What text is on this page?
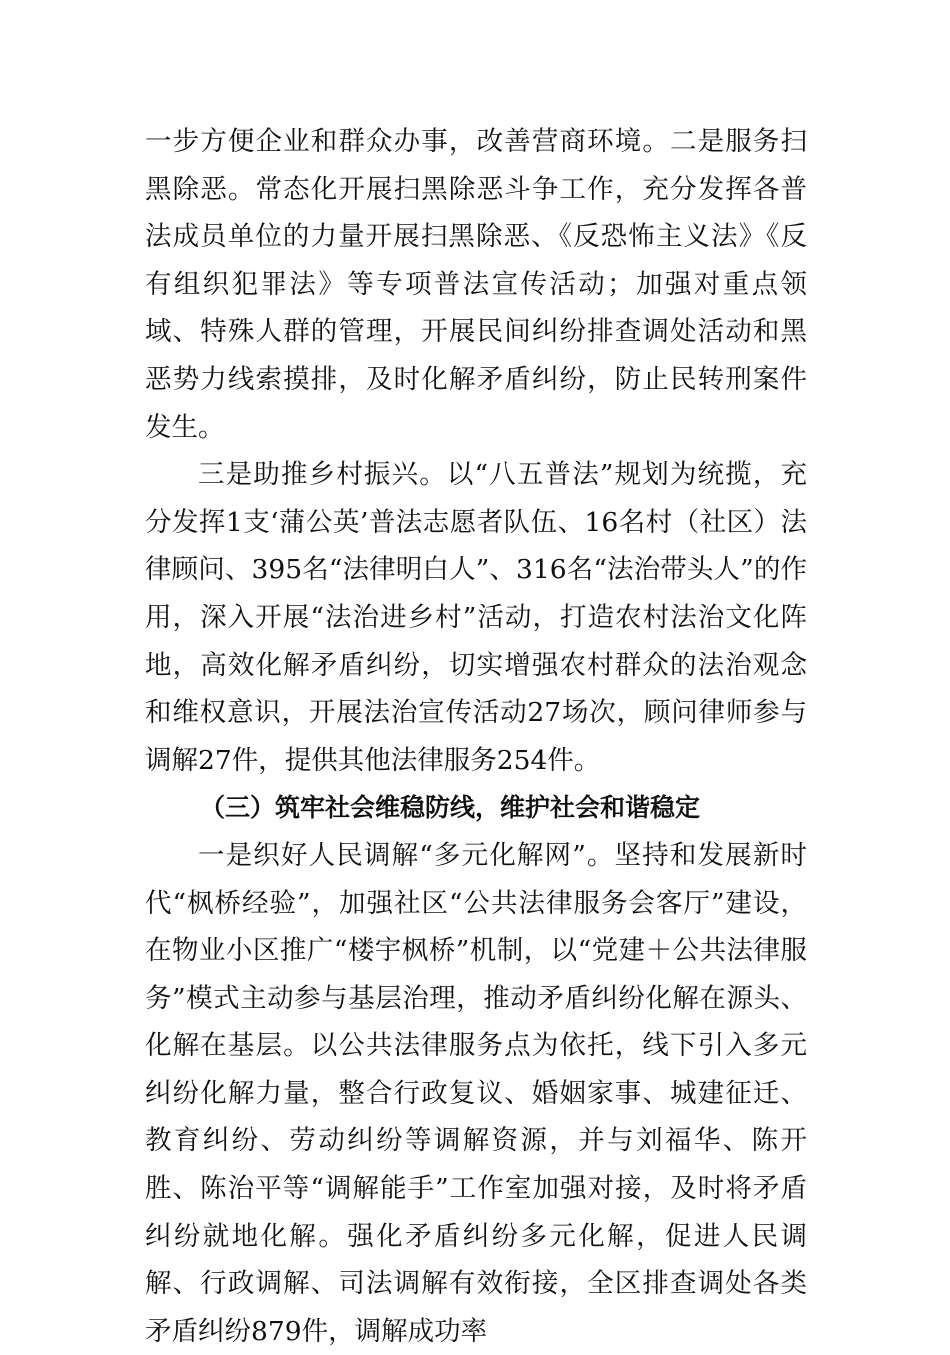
一步方便企业和群众办事，改善营商环境。二是服务扫黑除恶。常态化开展扫黑除恶斗争工作，充分发挥各普法成员单位的力量开展扫黑除恶、《反恐怖主义法》《反有组织犯罪法》等专项普法宣传活动；加强对重点领域、特殊人群的管理，开展民间纠纷排查调处活动和黑恶势力线索摸排，及时化解矛盾纠纷，防止民转刑案件发生。

三是助推乡村振兴。以“八五普法”规划为统揽，充分发挥1支‘蒲公英’普法志愿者队伍、16名村（社区）法律顾问、395名“法律明白人”、316名“法治带头人”的作用，深入开展“法治进乡村”活动，打造农村法治文化阵地，高效化解矛盾纠纷，切实增强农村群众的法治观念和维权意识，开展法治宣传活动27场次，顾问律师参与调解27件，提供其他法律服务254件。

（三）筑牢社会维稳防线，维护社会和谐稳定

一是织好人民调解“多元化解网”。坚持和发展新时代“枫桥经验”，加强社区“公共法律服务会客厅”建设，在物业小区推广“楼宇枫桥”机制，以“党建＋公共法律服务”模式主动参与基层治理，推动矛盾纠纷化解在源头、化解在基层。以公共法律服务点为依托，线下引入多元纠纷化解力量，整合行政复议、婚姻家事、城建征迁、教育纠纷、劳动纠纷等调解资源，并与刘福华、陈开胜、陈治平等“调解能手”工作室加强对接，及时将矛盾纠纷就地化解。强化矛盾纠纷多元化解，促进人民调解、行政调解、司法调解有效衔接，全区排查调处各类矛盾纠纷879件，调解成功率
